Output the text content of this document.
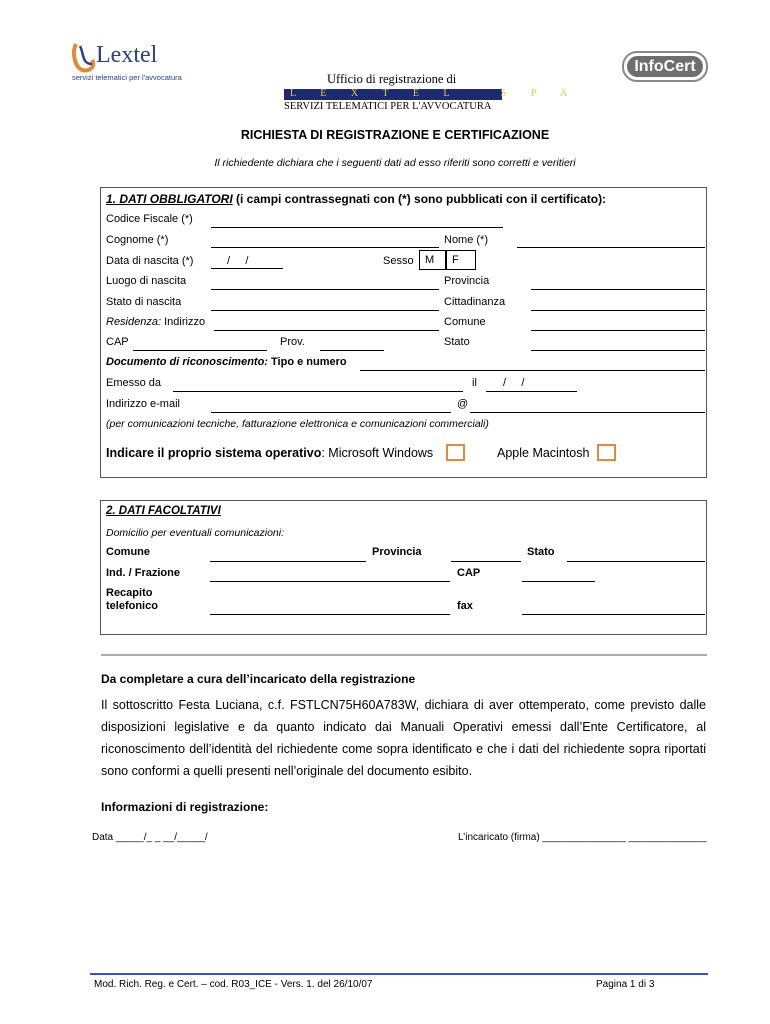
Lextel
servizi telematici per l'avvocatura
InfoCert
Ufficio di registrazione di
L E X T E L   S P A
SERVIZI TELEMATICI PER L'AVVOCATURA
RICHIESTA DI REGISTRAZIONE E CERTIFICAZIONE
Il richiedente dichiara che i seguenti dati ad esso riferiti sono corretti e veritieri
1. DATI OBBLIGATORI (i campi contrassegnati con (*) sono pubblicati con il certificato):
Codice Fiscale (*)
Cognome (*)	Nome (*)
Data di nascita (*)	/     /	Sesso	M	F
Luogo di nascita	Provincia
Stato di nascita	Cittadinanza
Residenza: Indirizzo	Comune
CAP	Prov.	Stato
Documento di riconoscimento: Tipo e numero
Emesso da	il /     /
Indirizzo e-mail	@
(per comunicazioni tecniche, fatturazione elettronica e comunicazioni commerciali)
Indicare il proprio sistema operativo: Microsoft Windows	Apple Macintosh
2. DATI FACOLTATIVI
Domicilio per eventuali comunicazioni:
Comune	Provincia	Stato
Ind. / Frazione	CAP
Recapito
telefonico	fax
Da completare a cura dell’incaricato della registrazione
Il sottoscritto Festa Luciana, c.f. FSTLCN75H60A783W, dichiara di aver ottemperato, come previsto dalle disposizioni legislative e da quanto indicato dai Manuali Operativi emessi dall’Ente Certificatore, al riconoscimento dell’identità del richiedente come sopra identificato e che i dati del richiedente sopra riportati sono conformi a quelli presenti nell’originale del documento esibito.
Informazioni di registrazione:
Data _____/_ _ __/_____/	L’incaricato (firma) _______________ ______________
Mod. Rich. Reg. e Cert. – cod. R03_ICE - Vers. 1. del 26/10/07	Pagina 1 di 3
